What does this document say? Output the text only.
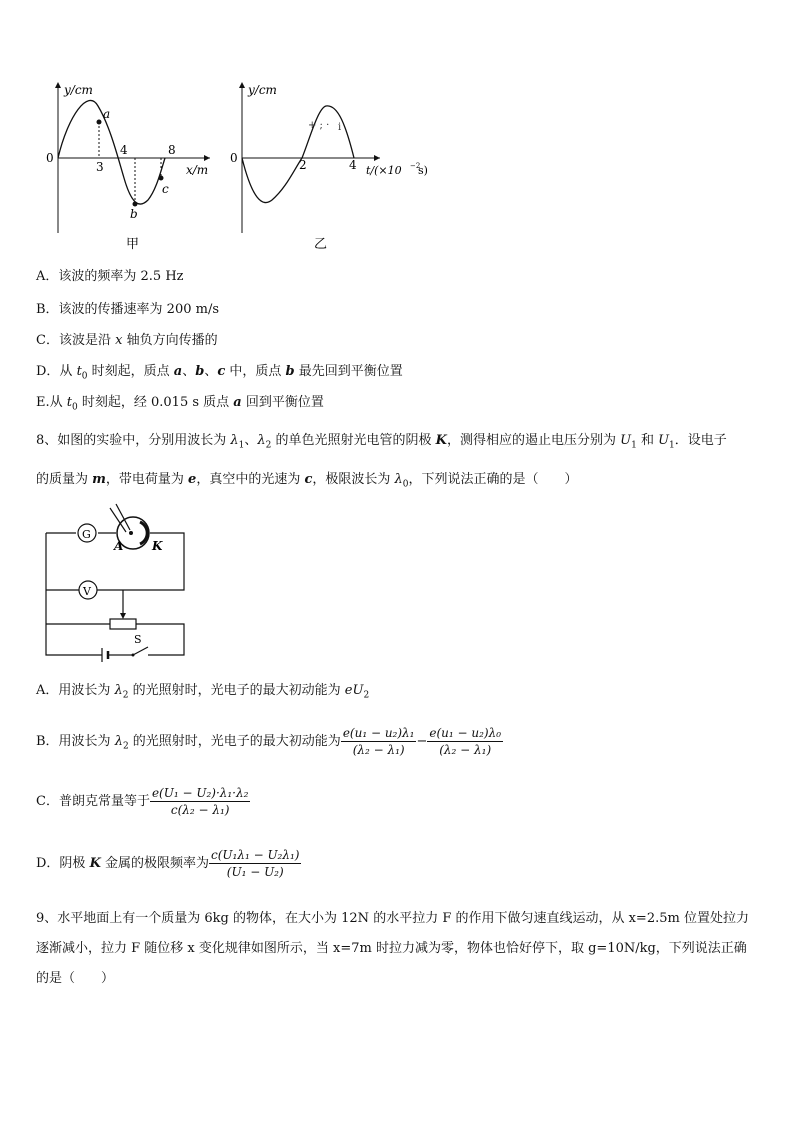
y/cm
x/m
0
3
4	8
a
b
c
甲
+ ; · i
y/cm
0	2	4 t/(×10 −2
s)
乙
A．该波的频率为 2.5 Hz
B．该波的传播速率为 200 m/s
C．该波是沿 x 轴负方向传播的
D．从 $t_0$ 时刻起，质点 a、b、c 中，质点 b 最先回到平衡位置
E.从 $t_0$ 时刻起，经 0.015 s 质点 a 回到平衡位置
8、如图的实验中，分别用波长为 $\lambda_1$、$\lambda_2$ 的单色光照射光电管的阴极 K，测得相应的遏止电压分别为 $U_1$ 和 $U_1$．设电子
的质量为 m，带电荷量为 e，真空中的光速为 c，极限波长为 $\lambda_0$，下列说法正确的是（　　）
G
A K
V
S
A．用波长为 $\lambda_2$ 的光照射时，光电子的最大初动能为 $eU_2$
B．用波长为 $\lambda_2$ 的光照射时，光电子的最大初动能为 $\frac{\text{e(u₁ − u₂)λ₁}}{\text{(λ₂ − λ₁)}} - \frac{\text{e(u₁ − u₂)λ₀}}{\text{(λ₂ − λ₁)}}$
C．普朗克常量等于 $\frac{\text{e(U₁ − U₂)·λ₁·λ₂}}{\text{c(λ₂ − λ₁)}}$
D．阴极 K 金属的极限频率为 $\frac{\text{c(U₁λ₁ − U₂λ₁)}}{\text{(U₁ − U₂)}}$
9、水平地面上有一个质量为 6kg 的物体，在大小为 12N 的水平拉力 F 的作用下做匀速直线运动，从 x=2.5m 位置处拉力逐渐减小，拉力 F 随位移 x 变化规律如图所示，当 x=7m 时拉力减为零，物体也恰好停下，取 g=10N/kg，下列说法正确的是（　　）
